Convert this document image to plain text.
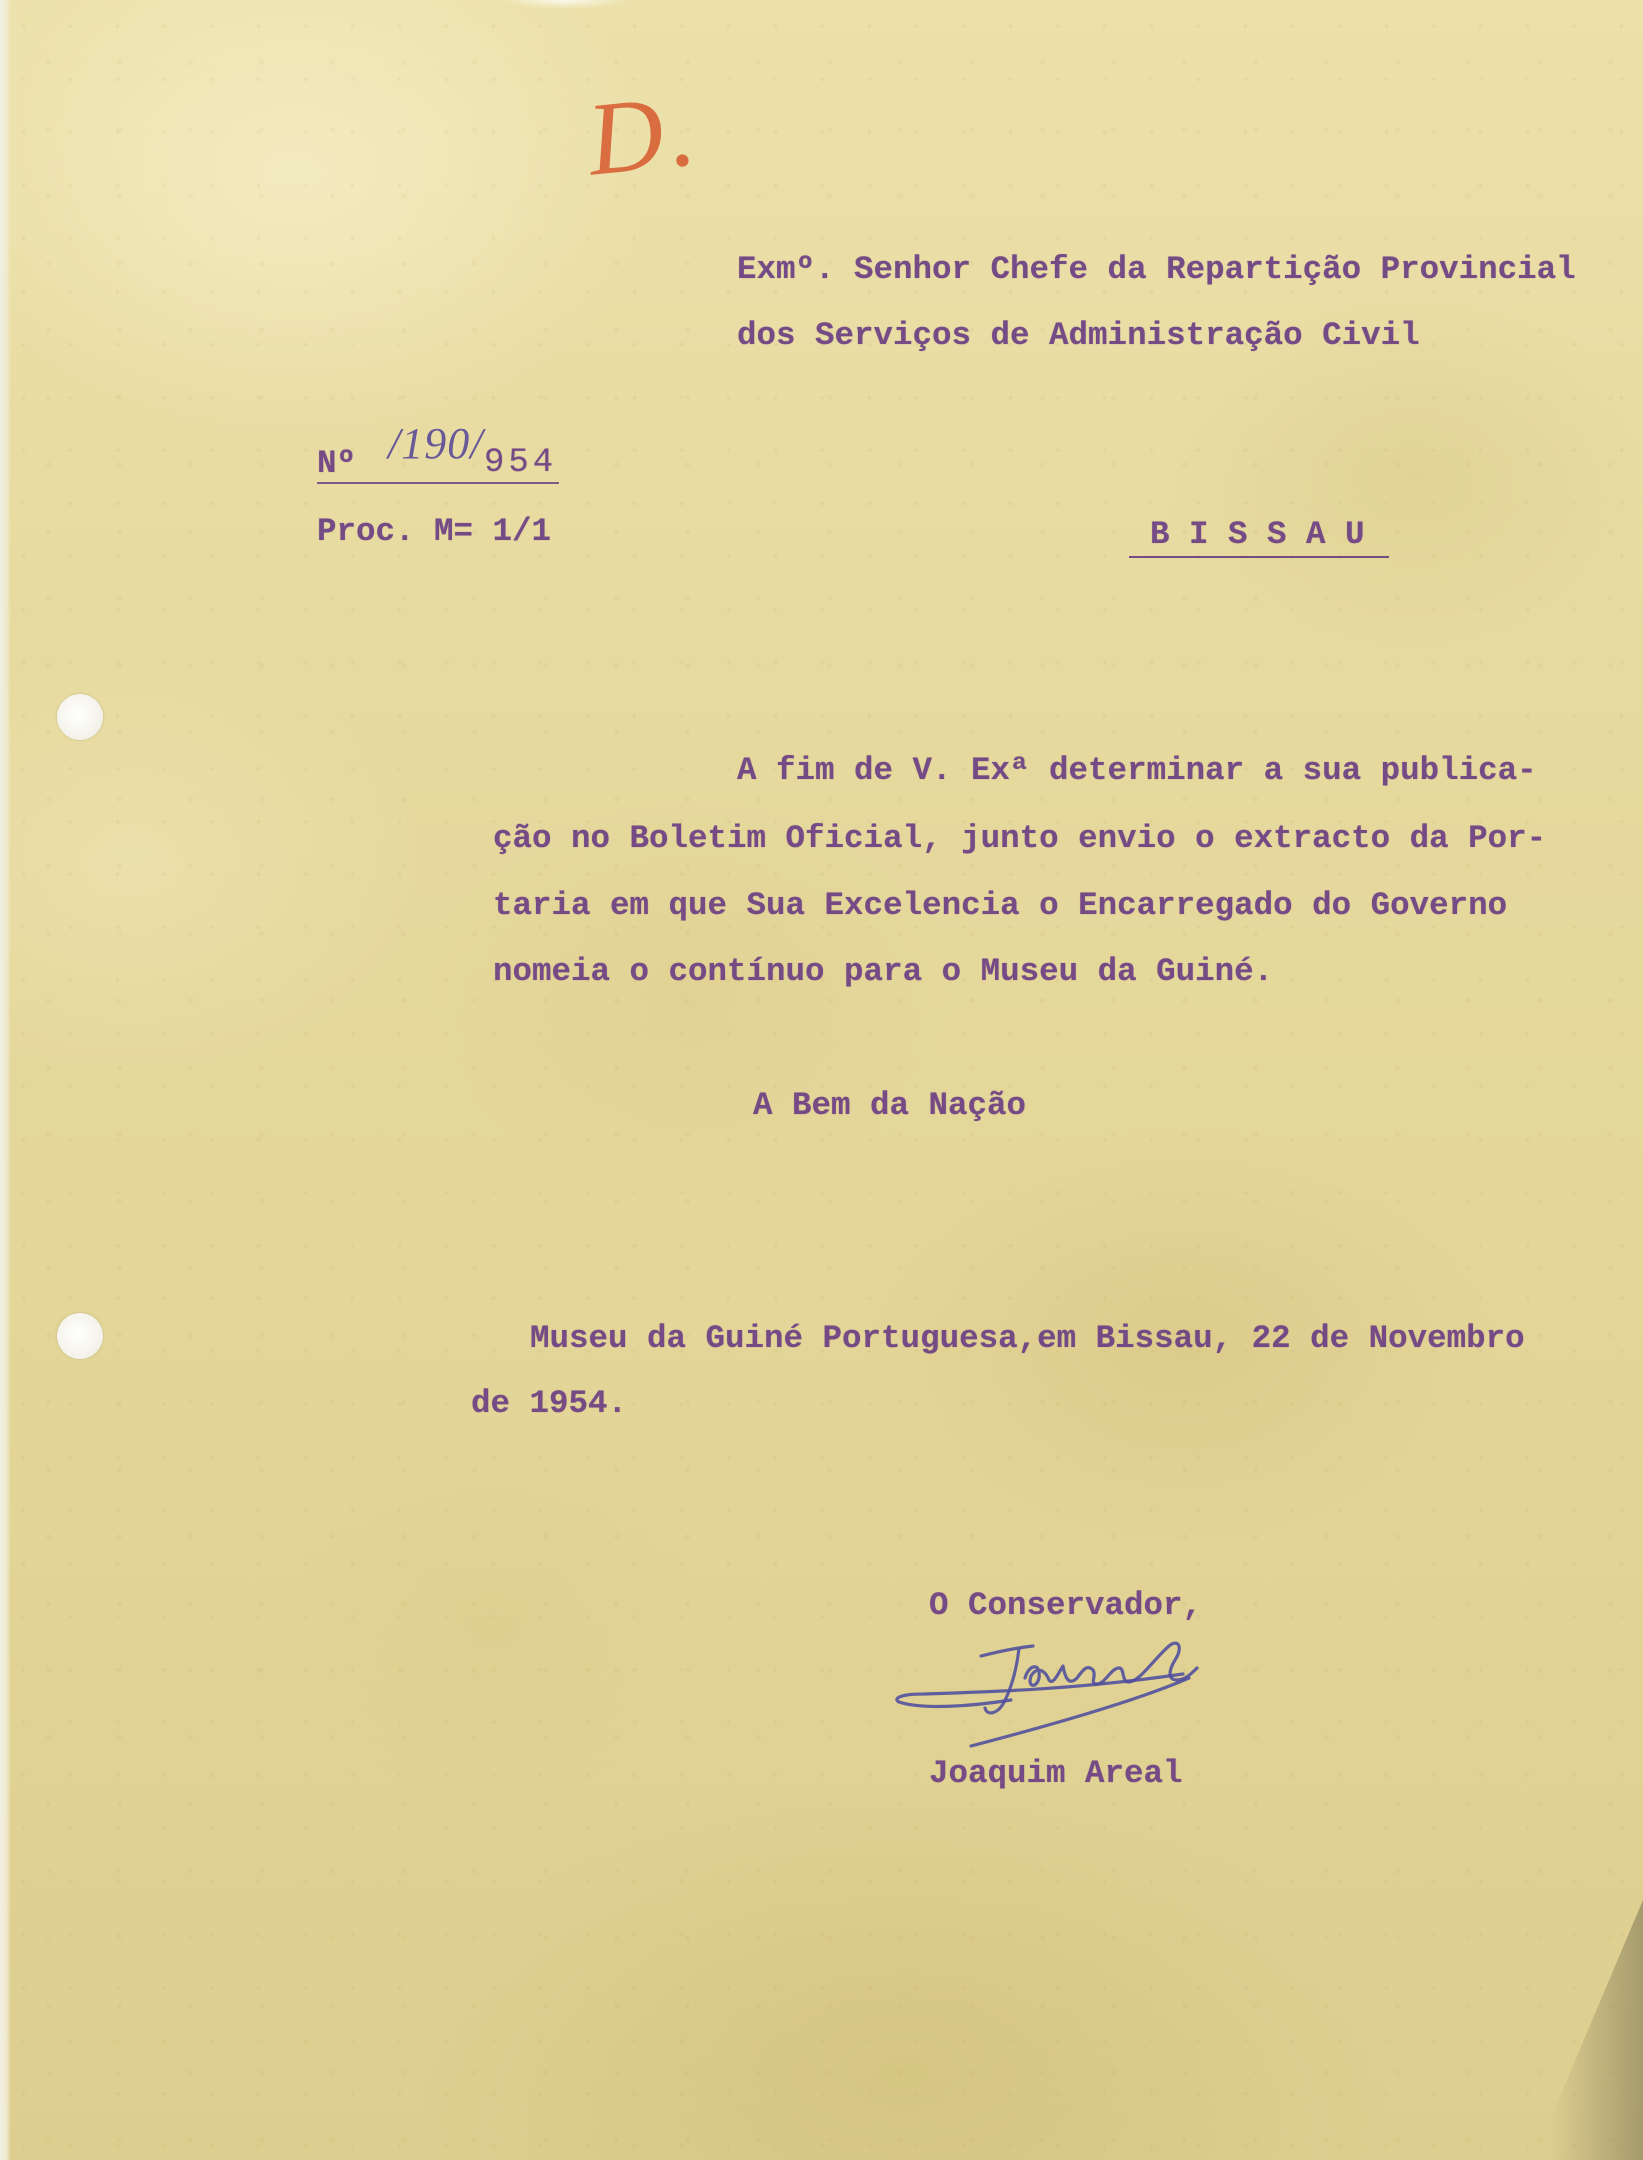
D.
Exmº. Senhor Chefe da Repartição Provincial
dos Serviços de Administração Civil
Nº /190/ 954
Proc. M= 1/1	B I S S A U
A fim de V. Exª determinar a sua publica-
ção no Boletim Oficial, junto envio o extracto da Por-
taria em que Sua Excelencia o Encarregado do Governo
nomeia o contínuo para o Museu da Guiné.
A Bem da Nação
Museu da Guiné Portuguesa,em Bissau, 22 de Novembro
de 1954.
O Conservador,
Joaquim Areal
